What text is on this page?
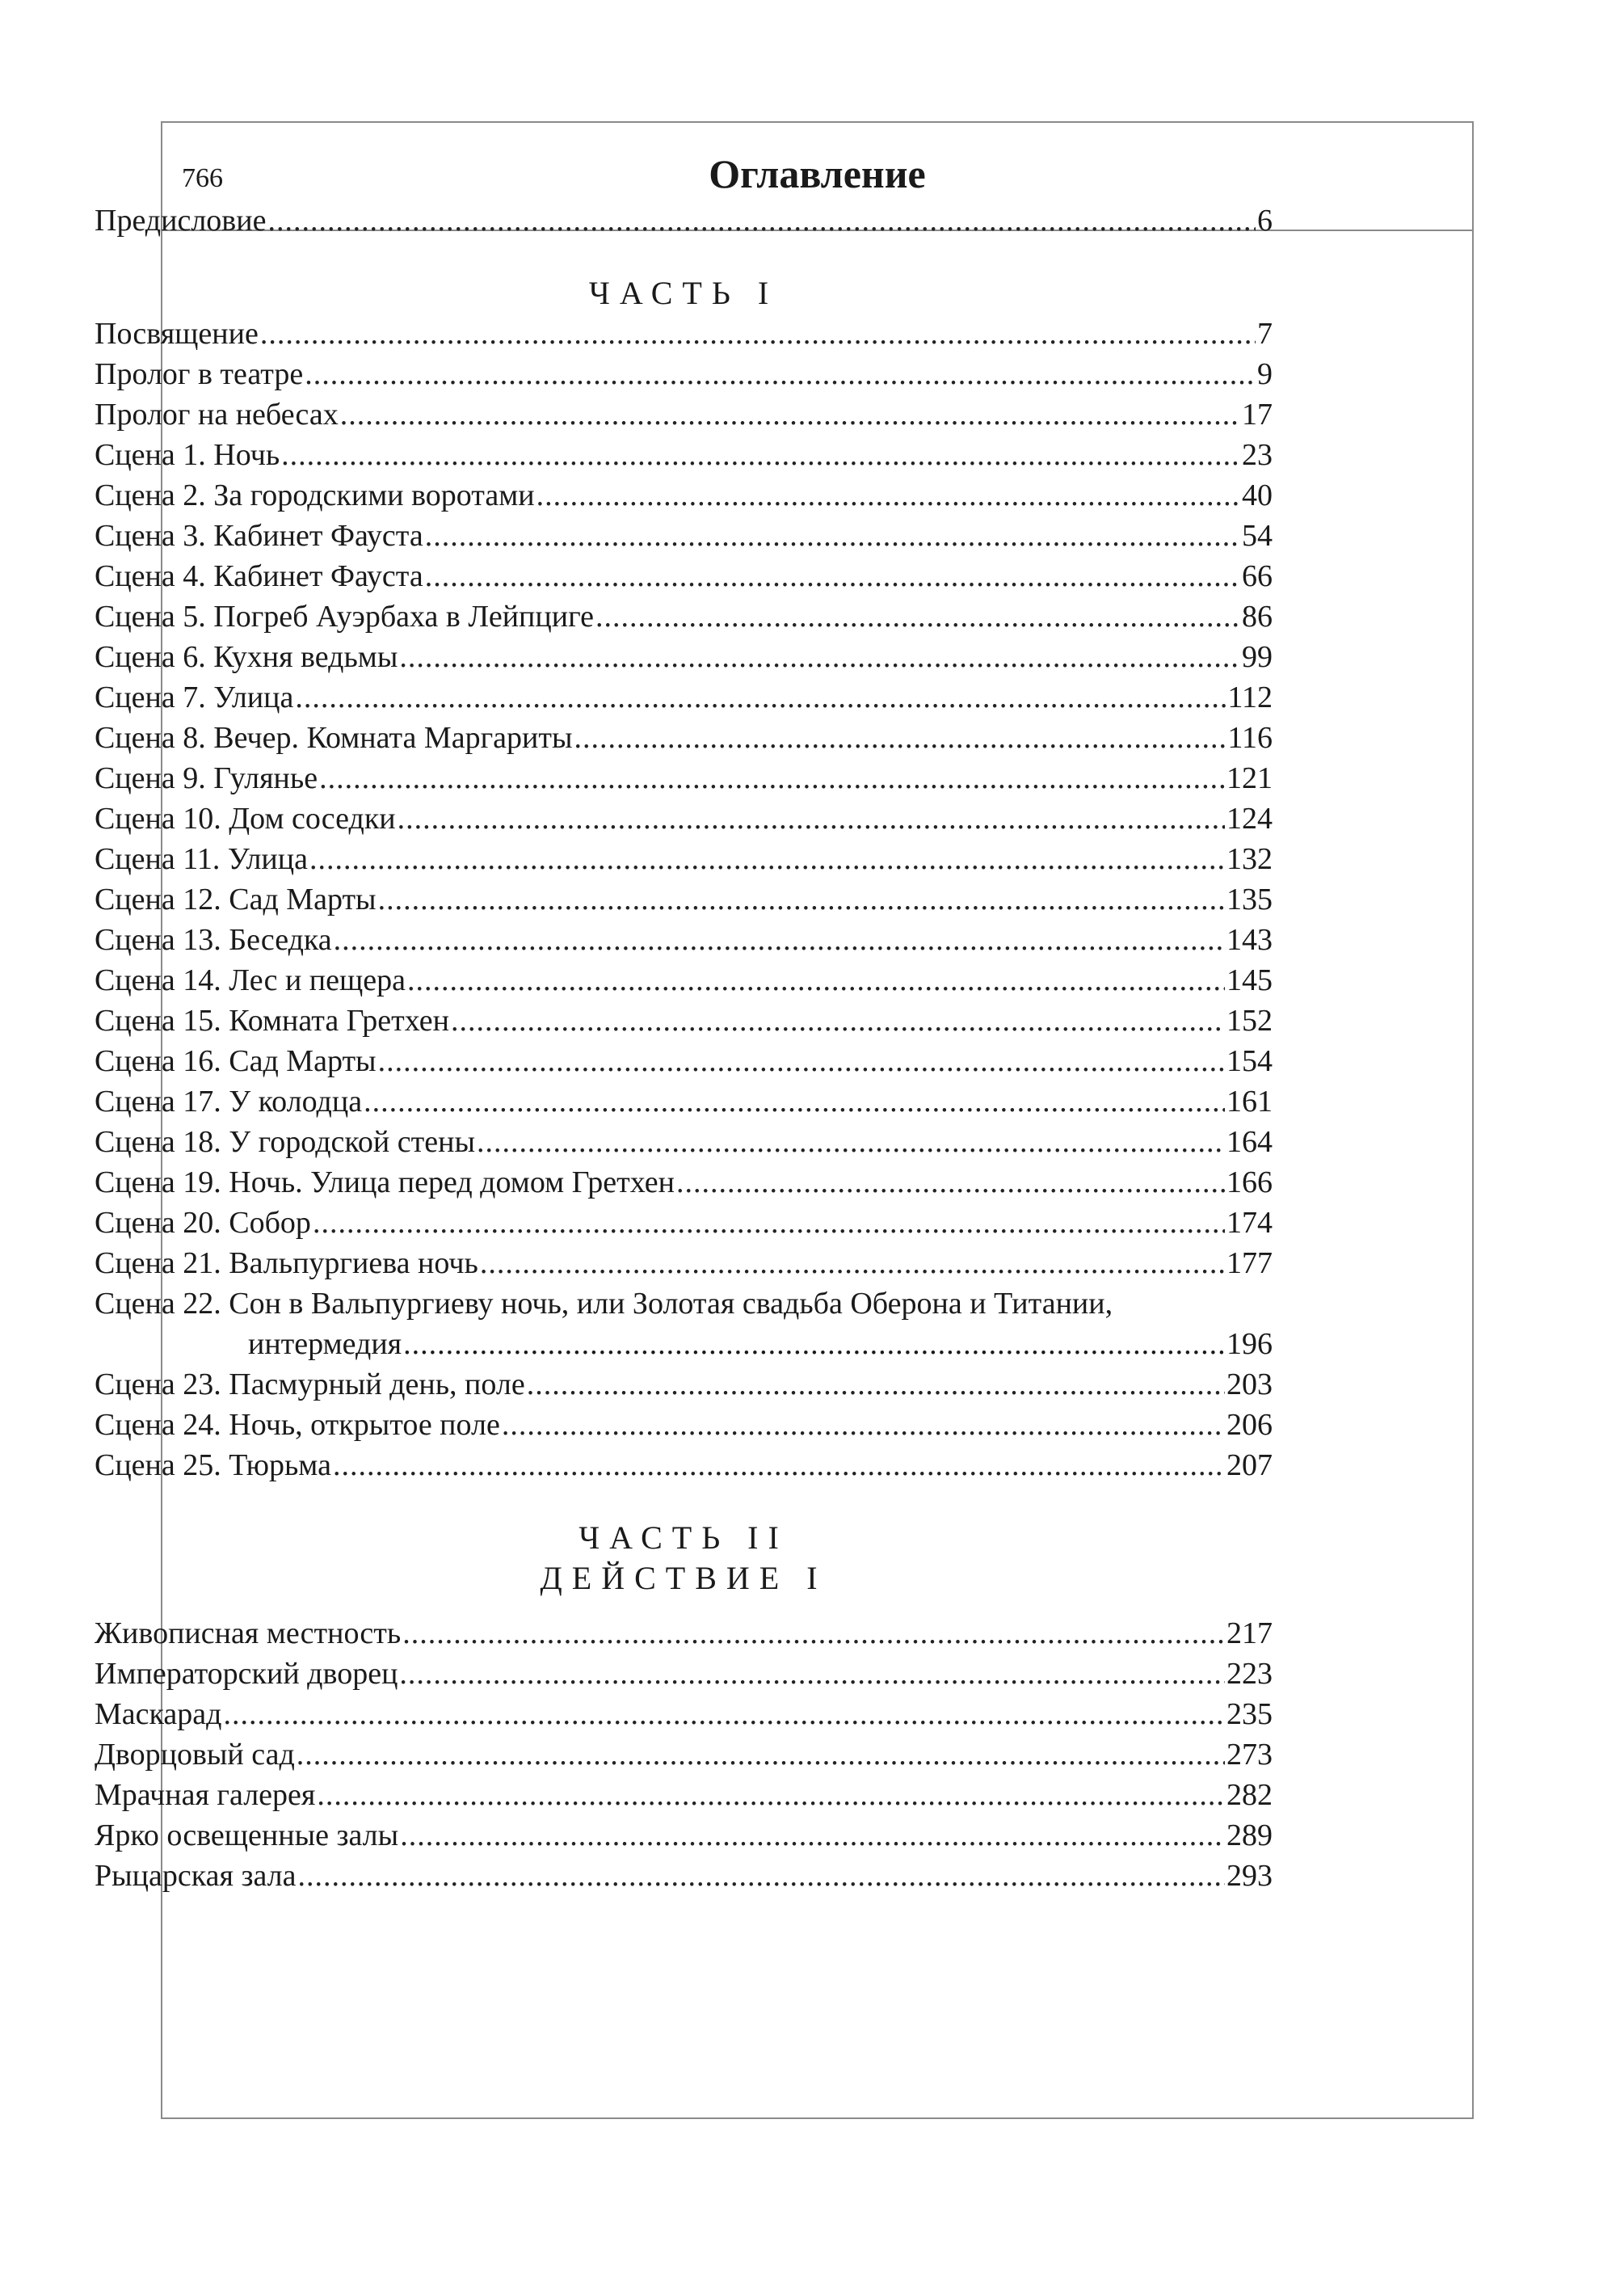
766	Оглавление
Предисловие .....	6
ЧАСТЬ I
Посвящение .....	7
Пролог в театре .....	9
Пролог на небесах .....	17
Сцена 1. Ночь .....	23
Сцена 2. За городскими воротами .....	40
Сцена 3. Кабинет Фауста .....	54
Сцена 4. Кабинет Фауста .....	66
Сцена 5. Погреб Ауэрбаха в Лейпциге .....	86
Сцена 6. Кухня ведьмы .....	99
Сцена 7. Улица .....	112
Сцена 8. Вечер. Комната Маргариты .....	116
Сцена 9. Гулянье .....	121
Сцена 10. Дом соседки .....	124
Сцена 11. Улица .....	132
Сцена 12. Сад Марты .....	135
Сцена 13. Беседка .....	143
Сцена 14. Лес и пещера .....	145
Сцена 15. Комната Гретхен .....	152
Сцена 16. Сад Марты .....	154
Сцена 17. У колодца .....	161
Сцена 18. У городской стены .....	164
Сцена 19. Ночь. Улица перед домом Гретхен .....	166
Сцена 20. Собор .....	174
Сцена 21. Вальпургиева ночь .....	177
Сцена 22. Сон в Вальпургиеву ночь, или Золотая свадьба Оберона и Титании,
интермедия .....	196
Сцена 23. Пасмурный день, поле .....	203
Сцена 24. Ночь, открытое поле .....	206
Сцена 25. Тюрьма .....	207
ЧАСТЬ II
ДЕЙСТВИЕ I
Живописная местность .....	217
Императорский дворец .....	223
Маскарад .....	235
Дворцовый сад .....	273
Мрачная галерея .....	282
Ярко освещенные залы .....	289
Рыцарская зала .....	293
